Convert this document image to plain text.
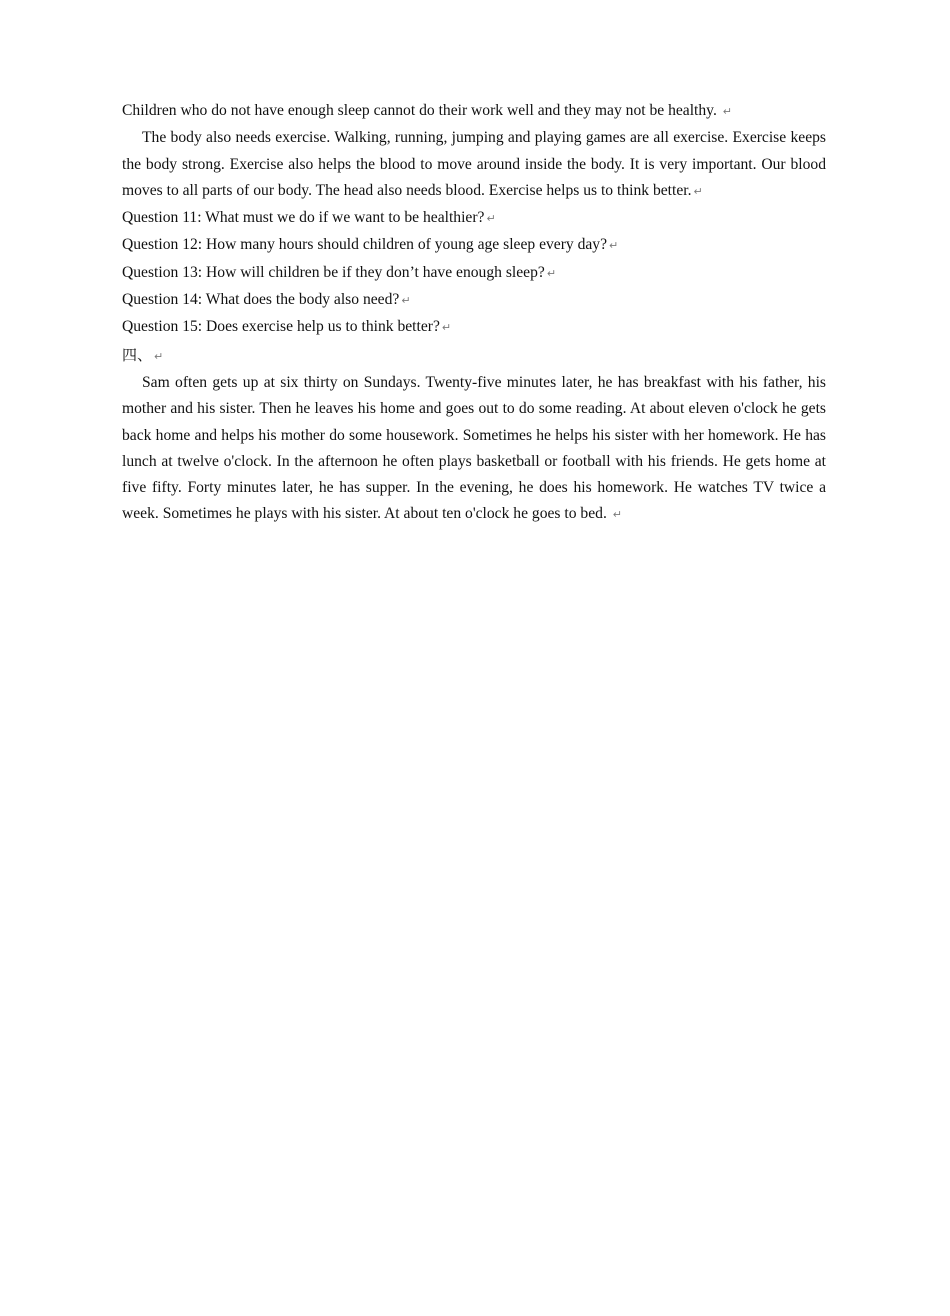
Children who do not have enough sleep cannot do their work well and they may not be healthy. ↵

The body also needs exercise. Walking, running, jumping and playing games are all exercise. Exercise keeps the body strong. Exercise also helps the blood to move around inside the body. It is very important. Our blood moves to all parts of our body. The head also needs blood. Exercise helps us to think better. ↵

Question 11: What must we do if we want to be healthier? ↵

Question 12: How many hours should children of young age sleep every day? ↵

Question 13: How will children be if they don’t have enough sleep? ↵

Question 14: What does the body also need? ↵

Question 15: Does exercise help us to think better? ↵

四、 ↵

Sam often gets up at six thirty on Sundays. Twenty-five minutes later, he has breakfast with his father, his mother and his sister. Then he leaves his home and goes out to do some reading. At about eleven o'clock he gets back home and helps his mother do some housework. Sometimes he helps his sister with her homework. He has lunch at twelve o'clock. In the afternoon he often plays basketball or football with his friends. He gets home at five fifty. Forty minutes later, he has supper. In the evening, he does his homework. He watches TV twice a week. Sometimes he plays with his sister. At about ten o'clock he goes to bed. ↵
